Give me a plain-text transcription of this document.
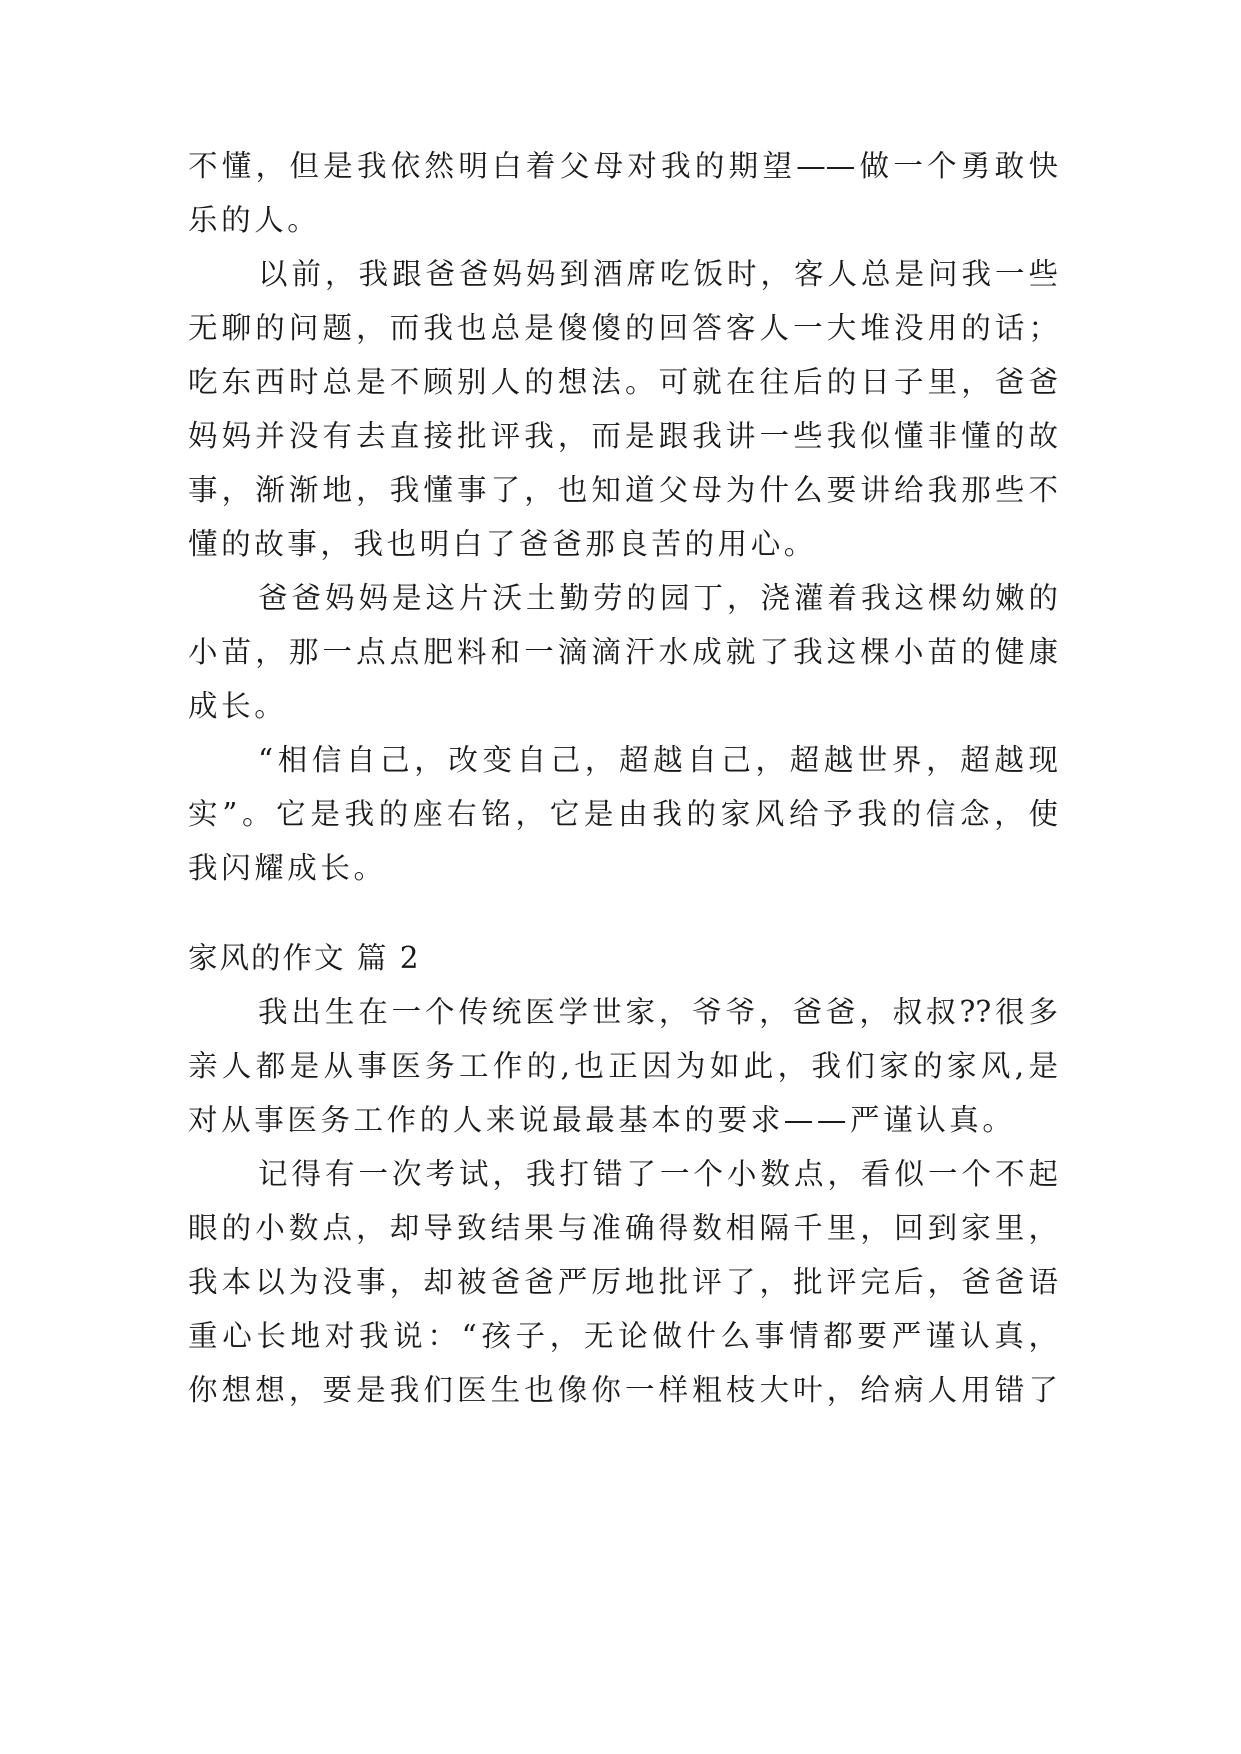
不懂，但是我依然明白着父母对我的期望——做一个勇敢快

乐的人。

以前，我跟爸爸妈妈到酒席吃饭时，客人总是问我一些

无聊的问题，而我也总是傻傻的回答客人一大堆没用的话；

吃东西时总是不顾别人的想法。可就在往后的日子里，爸爸

妈妈并没有去直接批评我，而是跟我讲一些我似懂非懂的故

事，渐渐地，我懂事了，也知道父母为什么要讲给我那些不

懂的故事，我也明白了爸爸那良苦的用心。

爸爸妈妈是这片沃土勤劳的园丁，浇灌着我这棵幼嫩的

小苗，那一点点肥料和一滴滴汗水成就了我这棵小苗的健康

成长。

“相信自己，改变自己，超越自己，超越世界，超越现

实”。它是我的座右铭，它是由我的家风给予我的信念，使

我闪耀成长。

家风的作文 篇 2

我出生在一个传统医学世家，爷爷，爸爸，叔叔??很多

亲人都是从事医务工作的,也正因为如此，我们家的家风,是

对从事医务工作的人来说最最基本的要求——严谨认真。

记得有一次考试，我打错了一个小数点，看似一个不起

眼的小数点，却导致结果与准确得数相隔千里，回到家里，

我本以为没事，却被爸爸严厉地批评了，批评完后，爸爸语

重心长地对我说：“孩子，无论做什么事情都要严谨认真，

你想想，要是我们医生也像你一样粗枝大叶，给病人用错了
